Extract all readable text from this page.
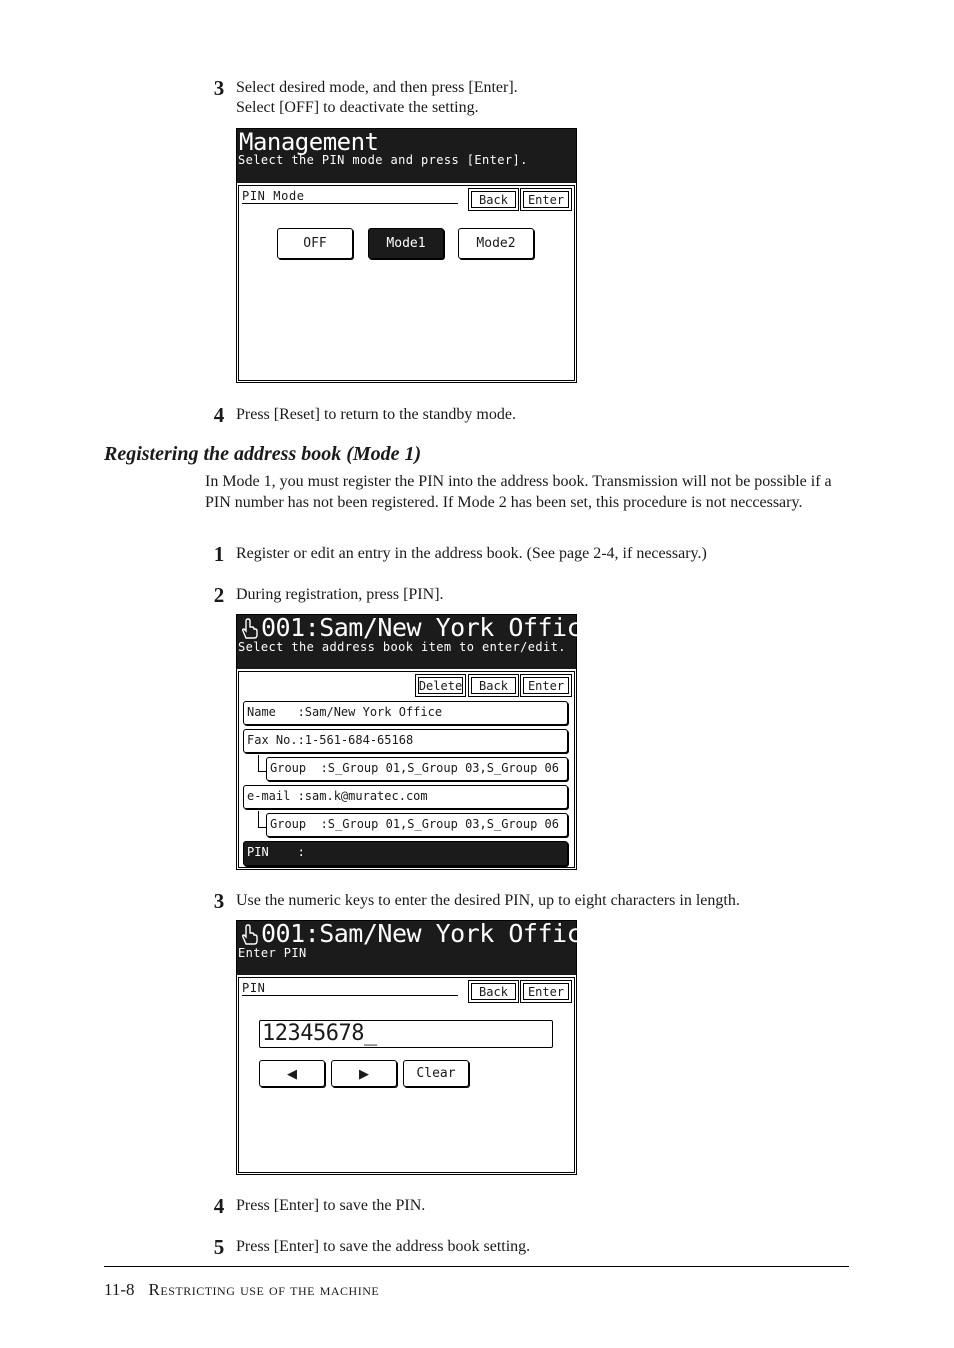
3 Select desired mode, and then press [Enter].
Select [OFF] to deactivate the setting.
Management
Select the PIN mode and press [Enter].
PIN Mode	Back	Enter
OFF	Mode1	Mode2
4 Press [Reset] to return to the standby mode.
Registering the address book (Mode 1)
In Mode 1, you must register the PIN into the address book. Transmission will not be possible if a PIN number has not been registered. If Mode 2 has been set, this procedure is not neccessary.
1 Register or edit an entry in the address book. (See page 2-4, if necessary.)
2 During registration, press [PIN].
001:Sam/New York Office
Select the address book item to enter/edit.
Delete	Back	Enter
Name   :Sam/New York Office
Fax No.:1-561-684-65168
Group  :S_Group 01,S_Group 03,S_Group 06
e-mail :sam.k@muratec.com
Group  :S_Group 01,S_Group 03,S_Group 06
PIN    :
3 Use the numeric keys to enter the desired PIN, up to eight characters in length.
001:Sam/New York Office
Enter PIN
PIN	Back	Enter
12345678_
◀	▶	Clear
4 Press [Enter] to save the PIN.
5 Press [Enter] to save the address book setting.
11-8 Restricting use of the machine
